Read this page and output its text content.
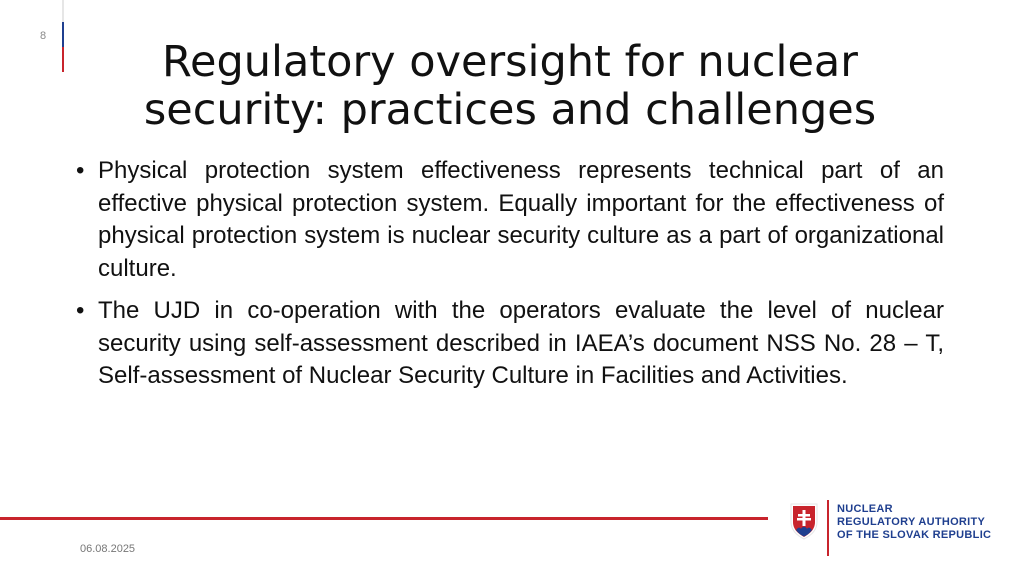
8
Regulatory oversight for nuclear security: practices and challenges
• Physical protection system effectiveness represents technical part of an effective physical protection system. Equally important for the effectiveness of physical protection system is nuclear security culture as a part of organizational culture.
• The UJD in co-operation with the operators evaluate the level of nuclear security using self-assessment described in IAEA’s document NSS No. 28 – T, Self-assessment of Nuclear Security Culture in Facilities and Activities.
06.08.2025
NUCLEAR
REGULATORY AUTHORITY
OF THE SLOVAK REPUBLIC
